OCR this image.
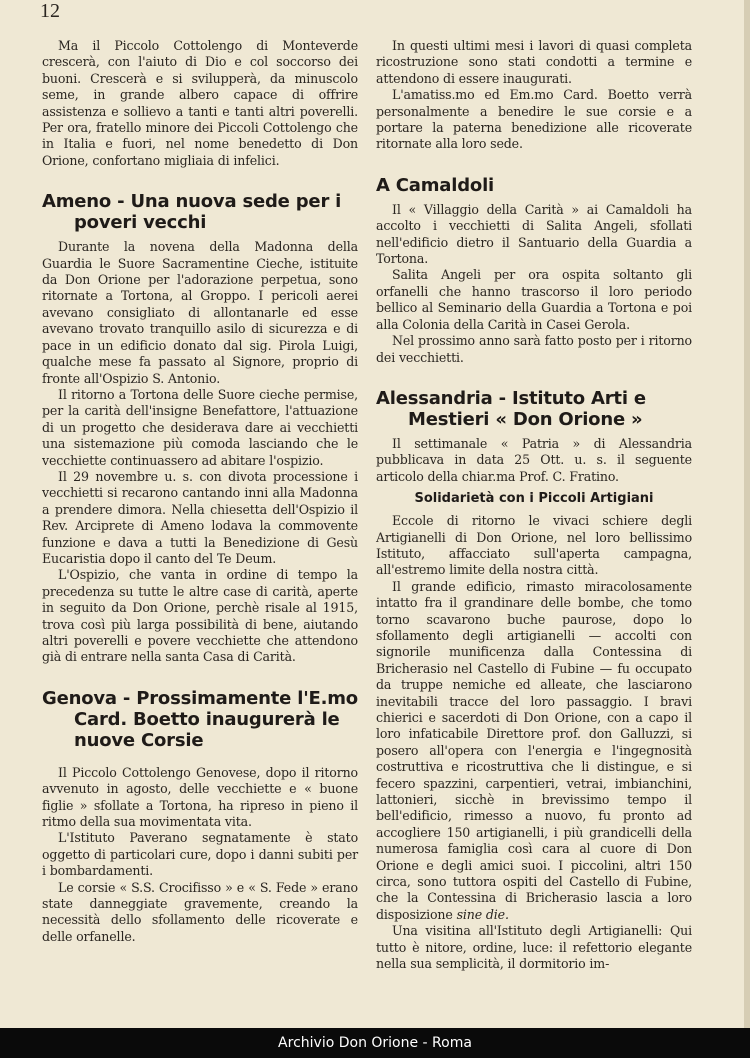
12

Ma il Piccolo Cottolengo di Monteverde crescerà, con l'aiuto di Dio e col soccorso dei buoni. Crescerà e si svilupperà, da minuscolo seme, in grande albero capace di offrire assistenza e sollievo a tanti e tanti altri poverelli. Per ora, fratello minore dei Piccoli Cottolengo che in Italia e fuori, nel nome benedetto di Don Orione, confortano migliaia di infelici.

Ameno - Una nuova sede per i poveri vecchi

Durante la novena della Madonna della Guardia le Suore Sacramentine Cieche, istituite da Don Orione per l'adorazione perpetua, sono ritornate a Tortona, al Groppo. I pericoli aerei avevano consigliato di allontanarle ed esse avevano trovato tranquillo asilo di sicurezza e di pace in un edificio donato dal sig. Pirola Luigi, qualche mese fa passato al Signore, proprio di fronte all'Ospizio S. Antonio.

Il ritorno a Tortona delle Suore cieche permise, per la carità dell'insigne Benefattore, l'attuazione di un progetto che desiderava dare ai vecchietti una sistemazione più comoda lasciando che le vecchiette continuassero ad abitare l'ospizio.

Il 29 novembre u. s. con divota processione i vecchietti si recarono cantando inni alla Madonna a prendere dimora. Nella chiesetta dell'Ospizio il Rev. Arciprete di Ameno lodava la commovente funzione e dava a tutti la Benedizione di Gesù Eucaristia dopo il canto del Te Deum.

L'Ospizio, che vanta in ordine di tempo la precedenza su tutte le altre case di carità, aperte in seguito da Don Orione, perchè risale al 1915, trova così più larga possibilità di bene, aiutando altri poverelli e povere vecchiette che attendono già di entrare nella santa Casa di Carità.

Genova - Prossimamente l'E.mo Card. Boetto inaugurerà le nuove Corsie

Il Piccolo Cottolengo Genovese, dopo il ritorno avvenuto in agosto, delle vecchiette e « buone figlie » sfollate a Tortona, ha ripreso in pieno il ritmo della sua movimentata vita.

L'Istituto Paverano segnatamente è stato oggetto di particolari cure, dopo i danni subiti per i bombardamenti.

Le corsie « S.S. Crocifisso » e « S. Fede » erano state danneggiate gravemente, creando la necessità dello sfollamento delle ricoverate e delle orfanelle.

In questi ultimi mesi i lavori di quasi completa ricostruzione sono stati condotti a termine e attendono di essere inaugurati.

L'amatiss.mo ed Em.mo Card. Boetto verrà personalmente a benedire le sue corsie e a portare la paterna benedizione alle ricoverate ritornate alla loro sede.

A Camaldoli

Il « Villaggio della Carità » ai Camaldoli ha accolto i vecchietti di Salita Angeli, sfollati nell'edificio dietro il Santuario della Guardia a Tortona.

Salita Angeli per ora ospita soltanto gli orfanelli che hanno trascorso il loro periodo bellico al Seminario della Guardia a Tortona e poi alla Colonia della Carità in Casei Gerola.

Nel prossimo anno sarà fatto posto per i ritorno dei vecchietti.

Alessandria - Istituto Arti e Mestieri « Don Orione »

Il settimanale « Patria » di Alessandria pubblicava in data 25 Ott. u. s. il seguente articolo della chiar.ma Prof. C. Fratino.

Solidarietà con i Piccoli Artigiani

Eccole di ritorno le vivaci schiere degli Artigianelli di Don Orione, nel loro bellissimo Istituto, affacciato sull'aperta campagna, all'estremo limite della nostra città.

Il grande edificio, rimasto miracolosamente intatto fra il grandinare delle bombe, che tomo torno scavarono buche paurose, dopo lo sfollamento degli artigianelli — accolti con signorile munificenza dalla Contessina di Bricherasio nel Castello di Fubine — fu occupato da truppe nemiche ed alleate, che lasciarono inevitabili tracce del loro passaggio. I bravi chierici e sacerdoti di Don Orione, con a capo il loro infaticabile Direttore prof. don Galluzzi, si posero all'opera con l'energia e l'ingegnosità costruttiva e ricostruttiva che li distingue, e si fecero spazzini, carpentieri, vetrai, imbianchini, lattonieri, sicchè in brevissimo tempo il bell'edificio, rimesso a nuovo, fu pronto ad accogliere 150 artigianelli, i più grandicelli della numerosa famiglia così cara al cuore di Don Orione e degli amici suoi. I piccolini, altri 150 circa, sono tuttora ospiti del Castello di Fubine, che la Contessina di Bricherasio lascia a loro disposizione sine die.

Una visitina all'Istituto degli Artigianelli: Qui tutto è nitore, ordine, luce: il refettorio elegante nella sua semplicità, il dormitorio im-

Archivio Don Orione - Roma
